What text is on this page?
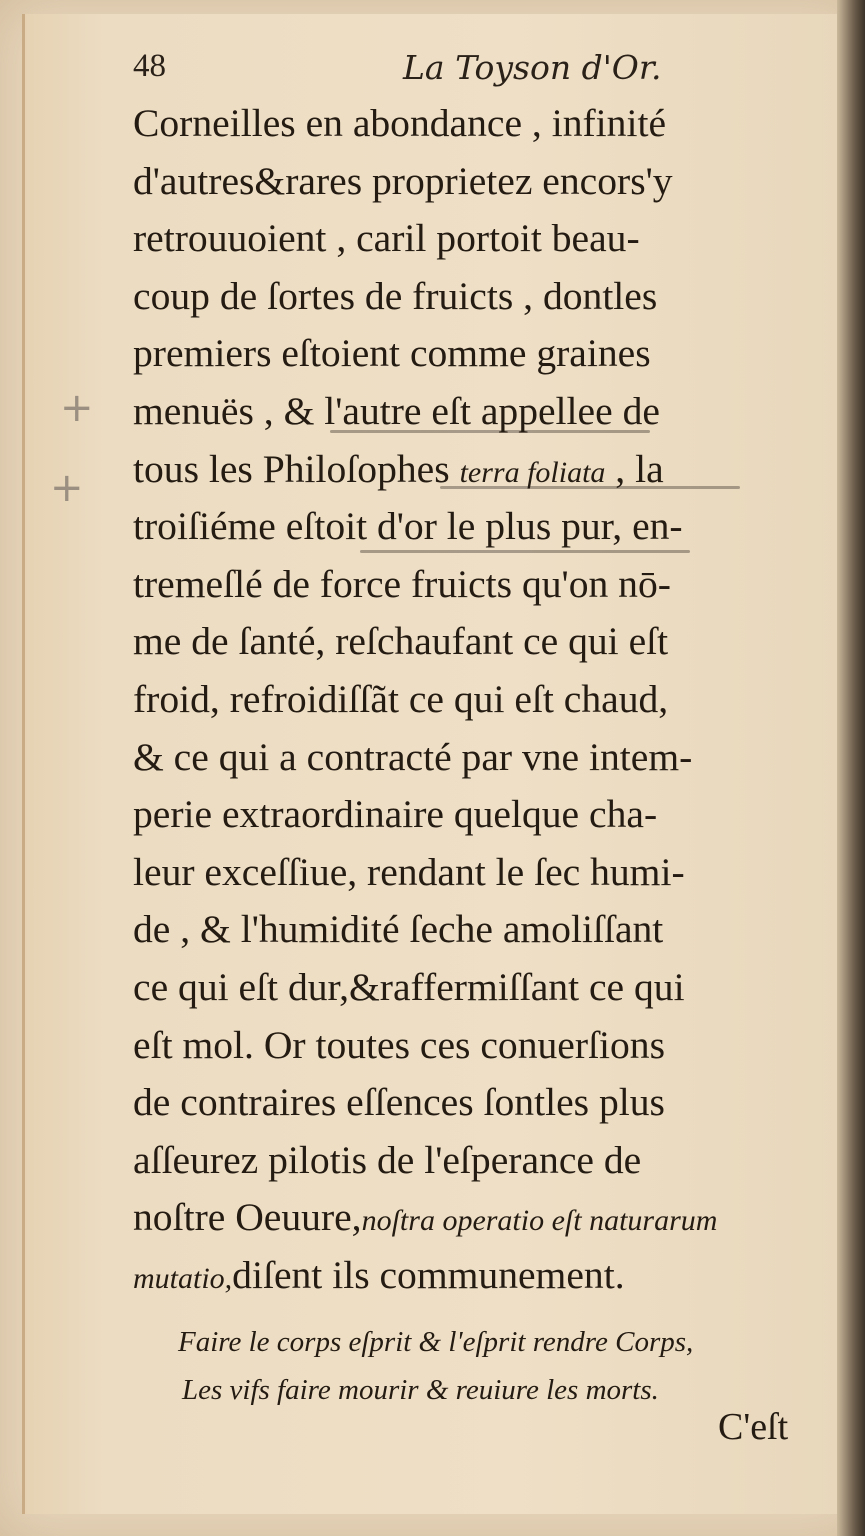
48	La Toyson d'Or.
+
+
Corneilles en abondance , infinité
d'autres&rares proprietez encors'y
retrouuoient , caril portoit beau-
coup de ſortes de fruicts , dontles
premiers eſtoient comme graines
menuës , & l'autre eſt appellee de
tous les Philoſophes terra foliata , la
troiſiéme eſtoit d'or le plus pur, en-
tremeſlé de force fruicts qu'on nō-
me de ſanté, reſchaufant ce qui eſt
froid, refroidiſſãt ce qui eſt chaud,
& ce qui a contracté par vne intem-
perie extraordinaire quelque cha-
leur exceſſiue, rendant le ſec humi-
de , & l'humidité ſeche amoliſſant
ce qui eſt dur,&raffermiſſant ce qui
eſt mol. Or toutes ces conuerſions
de contraires eſſences ſontles plus
aſſeurez pilotis de l'eſperance de
noſtre Oeuure,noſtra operatio eſt naturarum
mutatio,diſent ils communement.
Faire le corps eſprit & l'eſprit rendre Corps,
Les vifs faire mourir & reuiure les morts.
C'eſt
